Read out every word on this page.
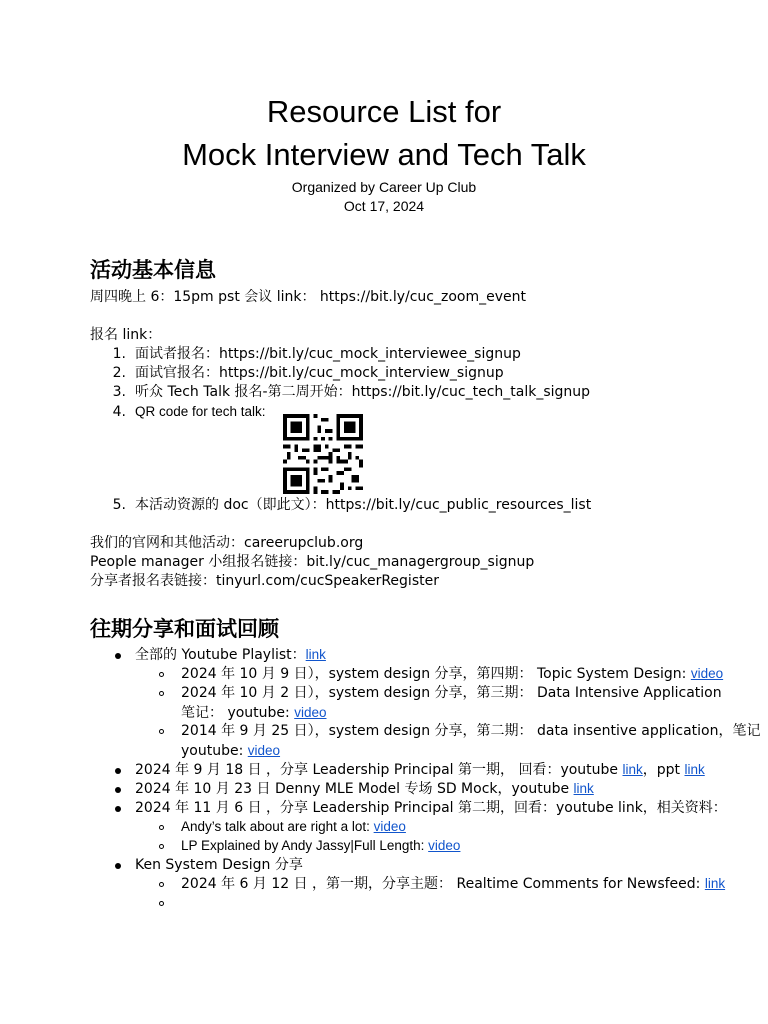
Resource List for
Mock Interview and Tech Talk
Organized by Career Up Club
Oct 17, 2024
活动基本信息
周四晚上 6：15pm pst 会议 link： https://bit.ly/cuc_zoom_event
报名 link：
1. 面试者报名：https://bit.ly/cuc_mock_interviewee_signup
2. 面试官报名：https://bit.ly/cuc_mock_interview_signup
3. 听众 Tech Talk 报名-第二周开始：https://bit.ly/cuc_tech_talk_signup
4. QR code for tech talk:
5. 本活动资源的 doc（即此文）：https://bit.ly/cuc_public_resources_list
我们的官网和其他活动：careerupclub.org
People manager 小组报名链接：bit.ly/cuc_managergroup_signup
分享者报名表链接：tinyurl.com/cucSpeakerRegister
往期分享和面试回顾
全部的 Youtube Playlist：link
2024 年 10 月 9 日），system design 分享，第四期： Topic System Design: video
2024 年 10 月 2 日），system design 分享，第三期： Data Intensive Application
笔记： youtube: video
2014 年 9 月 25 日），system design 分享，第二期： data insentive application，笔记
youtube: video
2024 年 9 月 18 日 ，分享 Leadership Principal 第一期， 回看：youtube link，ppt link
2024 年 10 月 23 日 Denny MLE Model 专场 SD Mock，youtube link
2024 年 11 月 6 日 ，分享 Leadership Principal 第二期，回看：youtube link，相关资料：
Andy’s talk about are right a lot: video
LP Explained by Andy Jassy|Full Length: video
Ken System Design 分享
2024 年 6 月 12 日 ，第一期，分享主题： Realtime Comments for Newsfeed: link
